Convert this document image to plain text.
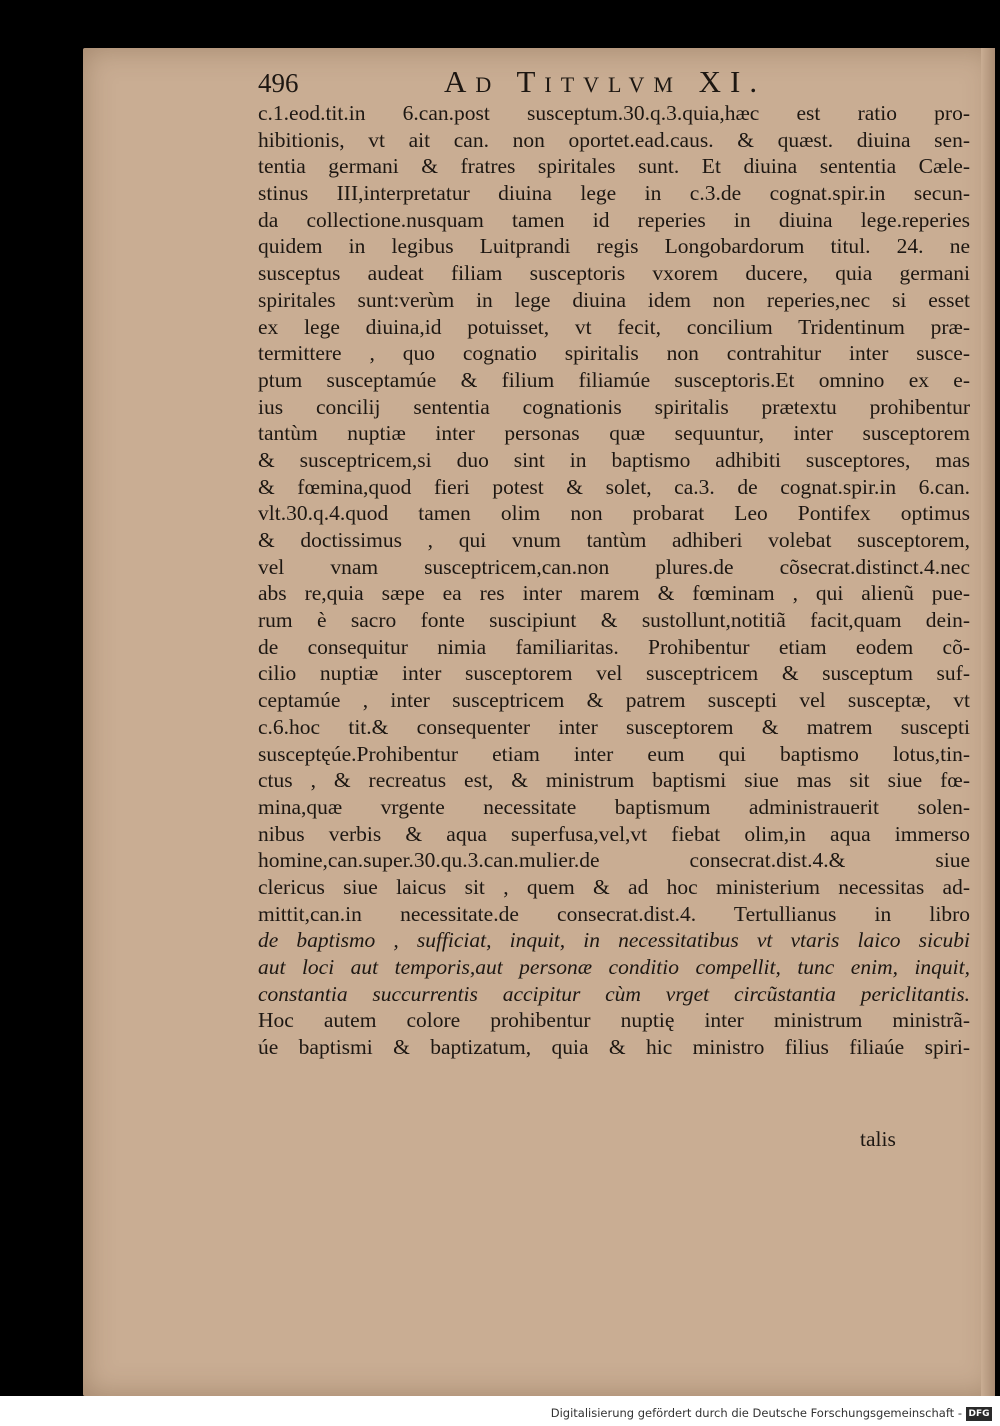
496	Ad Titvlvm XI.
c.1.eod.tit.in 6.can.post susceptum.30.q.3.quia,hæc est ratio pro-
hibitionis, vt ait can. non oportet.ead.caus. & quæst. diuina sen-
tentia germani & fratres spiritales sunt. Et diuina sententia Cæle-
stinus III,interpretatur diuina lege in c.3.de cognat.spir.in secun-
da collectione.nusquam tamen id reperies in diuina lege.reperies
quidem in legibus Luitprandi regis Longobardorum titul. 24. ne
susceptus audeat filiam susceptoris vxorem ducere, quia germani
spiritales sunt:verùm in lege diuina idem non reperies,nec si esset
ex lege diuina,id potuisset, vt fecit, concilium Tridentinum præ-
termittere , quo cognatio spiritalis non contrahitur inter susce-
ptum susceptamúe & filium filiamúe susceptoris.Et omnino ex e-
ius concilij sententia cognationis spiritalis prætextu prohibentur
tantùm nuptiæ inter personas quæ sequuntur, inter susceptorem
& susceptricem,si duo sint in baptismo adhibiti susceptores, mas
& fœmina,quod fieri potest & solet, ca.3. de cognat.spir.in 6.can.
vlt.30.q.4.quod tamen olim non probarat Leo Pontifex optimus
& doctissimus , qui vnum tantùm adhiberi volebat susceptorem,
vel vnam susceptricem,can.non plures.de cõsecrat.distinct.4.nec
abs re,quia sæpe ea res inter marem & fœminam , qui alienũ pue-
rum è sacro fonte suscipiunt & sustollunt,notitiã facit,quam dein-
de consequitur nimia familiaritas. Prohibentur etiam eodem cõ-
cilio nuptiæ inter susceptorem vel susceptricem & susceptum suf-
ceptamúe , inter susceptricem & patrem suscepti vel susceptæ, vt
c.6.hoc tit.& consequenter inter susceptorem & matrem suscepti
susceptęúe.Prohibentur etiam inter eum qui baptismo lotus,tin-
ctus , & recreatus est, & ministrum baptismi siue mas sit siue fœ-
mina,quæ vrgente necessitate baptismum administrauerit solen-
nibus verbis & aqua superfusa,vel,vt fiebat olim,in aqua immerso
homine,can.super.30.qu.3.can.mulier.de consecrat.dist.4.& siue
clericus siue laicus sit , quem & ad hoc ministerium necessitas ad-
mittit,can.in necessitate.de consecrat.dist.4. Tertullianus in libro
de baptismo , sufficiat, inquit, in necessitatibus vt vtaris laico sicubi
aut loci aut temporis,aut personæ conditio compellit, tunc enim, inquit,
constantia succurrentis accipitur cùm vrget circũstantia periclitantis.
Hoc autem colore prohibentur nuptię inter ministrum ministrã-
úe baptismi & baptizatum, quia & hic ministro filius filiaúe spiri-
talis
Digitalisierung gefördert durch die Deutsche Forschungsgemeinschaft - DFG
